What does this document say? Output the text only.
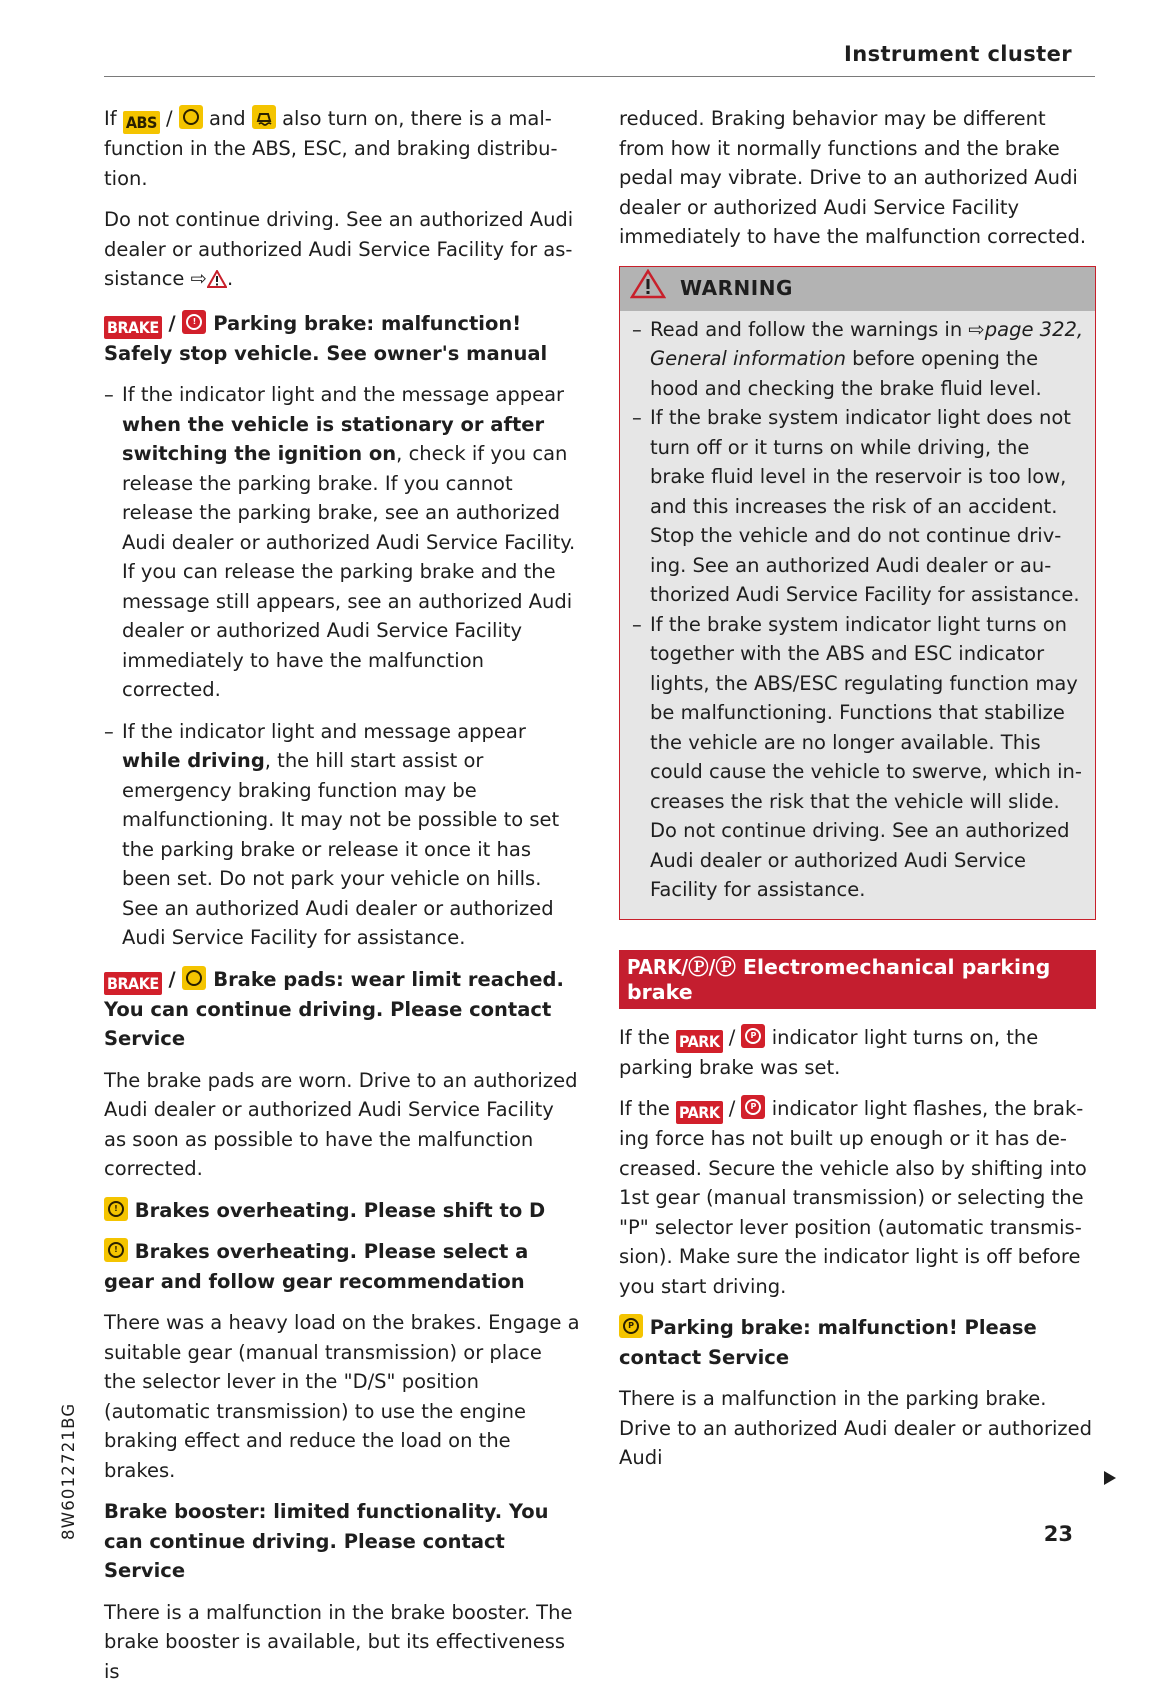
Instrument cluster

If ABS / and also turn on, there is a malfunction in the ABS, ESC, and braking distribution.

Do not continue driving. See an authorized Audi dealer or authorized Audi Service Facility for assistance ⇨ .

BRAKE /	! Parking brake: malfunction! Safely stop vehicle. See owner's manual
– If the indicator light and the message appear when the vehicle is stationary or after switching the ignition on, check if you can release the parking brake. If you cannot release the parking brake, see an authorized Audi dealer or authorized Audi Service Facility. If you can release the parking brake and the message still appears, see an authorized Audi dealer or authorized Audi Service Facility immediately to have the malfunction corrected.
– If the indicator light and message appear while driving, the hill start assist or emergency braking function may be malfunctioning. It may not be possible to set the parking brake or release it once it has been set. Do not park your vehicle on hills. See an authorized Audi dealer or authorized Audi Service Facility for assistance.
BRAKE / Brake pads: wear limit reached. You can continue driving. Please contact Service

The brake pads are worn. Drive to an authorized Audi dealer or authorized Audi Service Facility as soon as possible to have the malfunction corrected.

! Brakes overheating. Please shift to D
! Brakes overheating. Please select a gear and follow gear recommendation

There was a heavy load on the brakes. Engage a suitable gear (manual transmission) or place the selector lever in the "D/S" position (automatic transmission) to use the engine braking effect and reduce the load on the brakes.

Brake booster: limited functionality. You can continue driving. Please contact Service

There is a malfunction in the brake booster. The brake booster is available, but its effectiveness is

reduced. Braking behavior may be different from how it normally functions and the brake pedal may vibrate. Drive to an authorized Audi dealer or authorized Audi Service Facility immediately to have the malfunction corrected.

WARNING
– Read and follow the warnings in ⇨page 322, General information before opening the hood and checking the brake fluid level.
– If the brake system indicator light does not turn off or it turns on while driving, the brake fluid level in the reservoir is too low, and this increases the risk of an accident. Stop the vehicle and do not continue driving. See an authorized Audi dealer or authorized Audi Service Facility for assistance.
– If the brake system indicator light turns on together with the ABS and ESC indicator lights, the ABS/ESC regulating function may be malfunctioning. Functions that stabilize the vehicle are no longer available. This could cause the vehicle to swerve, which increases the risk that the vehicle will slide. Do not continue driving. See an authorized Audi dealer or authorized Audi Service Facility for assistance.
PARK/Ⓟ/Ⓟ Electromechanical parking brake

If the PARK /	P indicator light turns on, the parking brake was set.

If the PARK /	P indicator light flashes, the braking force has not built up enough or it has decreased. Secure the vehicle also by shifting into 1st gear (manual transmission) or selecting the "P" selector lever position (automatic transmission). Make sure the indicator light is off before you start driving.

P Parking brake: malfunction! Please contact Service

There is a malfunction in the parking brake. Drive to an authorized Audi dealer or authorized Audi

8W6012721BG	23
